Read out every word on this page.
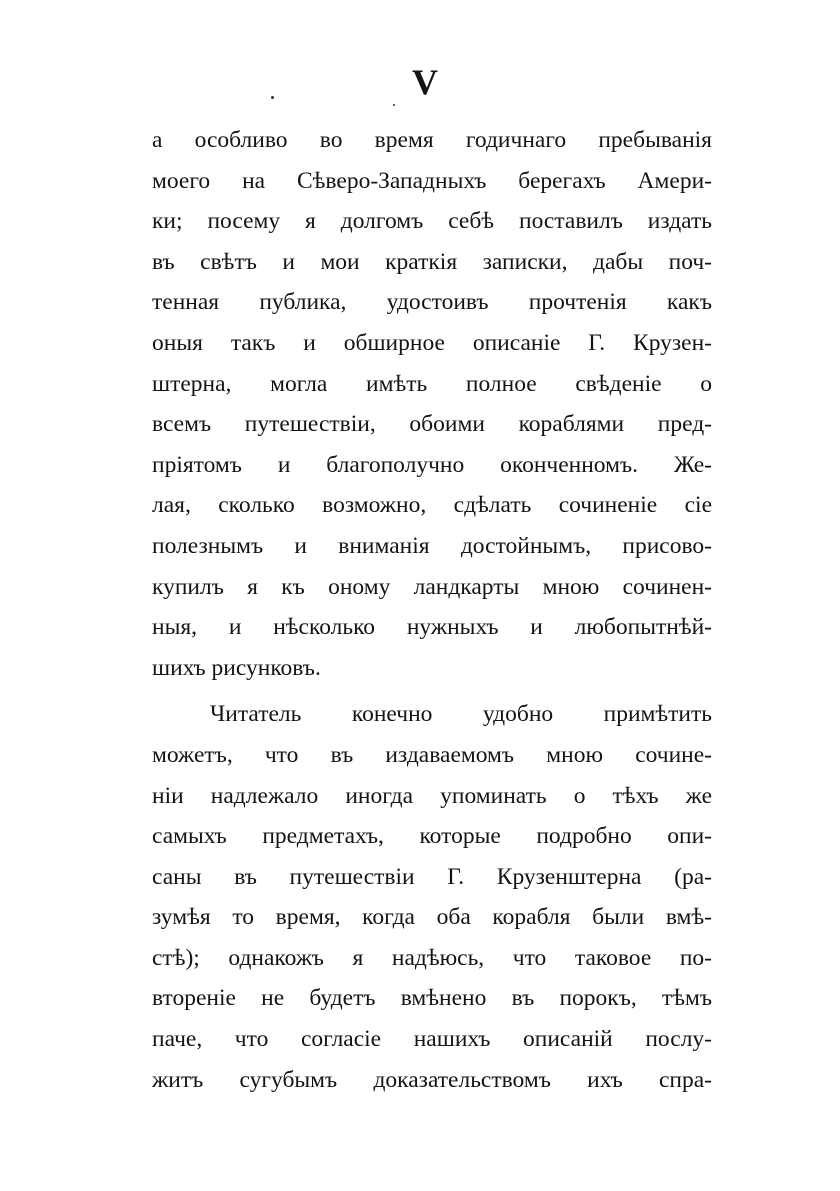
V
а особливо во время годичнаго пребыванія
моего на Сѣверо-Западныхъ берегахъ Амери-
ки; посему я долгомъ себѣ поставилъ издать
въ свѣтъ и мои краткія записки, дабы поч-
тенная публика, удостоивъ прочтенія какъ
оныя такъ и обширное описаніе Г. Крузен-
штерна, могла имѣть полное свѣденіе о
всемъ путешествіи, обоими кораблями пред-
пріятомъ и благополучно оконченномъ. Же-
лая, сколько возможно, сдѣлать сочиненіе сіе
полезнымъ и вниманія достойнымъ, присово-
купилъ я къ оному ландкарты мною сочинен-
ныя, и нѣсколько нужныхъ и любопытнѣй-
шихъ рисунковъ.
Читатель конечно удобно примѣтить
можетъ, что въ издаваемомъ мною сочине-
ніи надлежало иногда упоминать о тѣхъ же
самыхъ предметахъ, которые подробно опи-
саны въ путешествіи Г. Крузенштерна (ра-
зумѣя то время, когда оба корабля были вмѣ-
стѣ); однакожъ я надѣюсь, что таковое по-
втореніе не будетъ вмѣнено въ порокъ, тѣмъ
паче, что согласіе нашихъ описаній послу-
житъ сугубымъ доказательствомъ ихъ спра-
